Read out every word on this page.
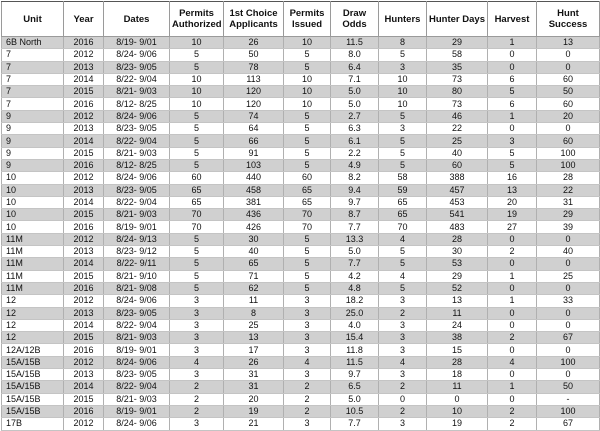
Unit	Year	Dates	Permits Authorized	1st Choice Applicants	Permits Issued	Draw Odds	Hunters	Hunter Days	Harvest	Hunt Success
6B North	2016	8/19- 9/01	10	26	10	11.5	8	29	1	13
7	2012	8/24- 9/06	5	50	5	8.0	5	58	0	0
7	2013	8/23- 9/05	5	78	5	6.4	3	35	0	0
7	2014	8/22- 9/04	10	113	10	7.1	10	73	6	60
7	2015	8/21- 9/03	10	120	10	5.0	10	80	5	50
7	2016	8/12- 8/25	10	120	10	5.0	10	73	6	60
9	2012	8/24- 9/06	5	74	5	2.7	5	46	1	20
9	2013	8/23- 9/05	5	64	5	6.3	3	22	0	0
9	2014	8/22- 9/04	5	66	5	6.1	5	25	3	60
9	2015	8/21- 9/03	5	91	5	2.2	5	40	5	100
9	2016	8/12- 8/25	5	103	5	4.9	5	60	5	100
10	2012	8/24- 9/06	60	440	60	8.2	58	388	16	28
10	2013	8/23- 9/05	65	458	65	9.4	59	457	13	22
10	2014	8/22- 9/04	65	381	65	9.7	65	453	20	31
10	2015	8/21- 9/03	70	436	70	8.7	65	541	19	29
10	2016	8/19- 9/01	70	426	70	7.7	70	483	27	39
11M	2012	8/24- 9/13	5	30	5	13.3	4	28	0	0
11M	2013	8/23- 9/12	5	40	5	5.0	5	30	2	40
11M	2014	8/22- 9/11	5	65	5	7.7	5	53	0	0
11M	2015	8/21- 9/10	5	71	5	4.2	4	29	1	25
11M	2016	8/21- 9/08	5	62	5	4.8	5	52	0	0
12	2012	8/24- 9/06	3	11	3	18.2	3	13	1	33
12	2013	8/23- 9/05	3	8	3	25.0	2	11	0	0
12	2014	8/22- 9/04	3	25	3	4.0	3	24	0	0
12	2015	8/21- 9/03	3	13	3	15.4	3	38	2	67
12A/12B	2016	8/19- 9/01	3	17	3	11.8	3	15	0	0
15A/15B	2012	8/24- 9/06	4	26	4	11.5	4	28	4	100
15A/15B	2013	8/23- 9/05	3	31	3	9.7	3	18	0	0
15A/15B	2014	8/22- 9/04	2	31	2	6.5	2	11	1	50
15A/15B	2015	8/21- 9/03	2	20	2	5.0	0	0	0	-
15A/15B	2016	8/19- 9/01	2	19	2	10.5	2	10	2	100
17B	2012	8/24- 9/06	3	21	3	7.7	3	19	2	67
